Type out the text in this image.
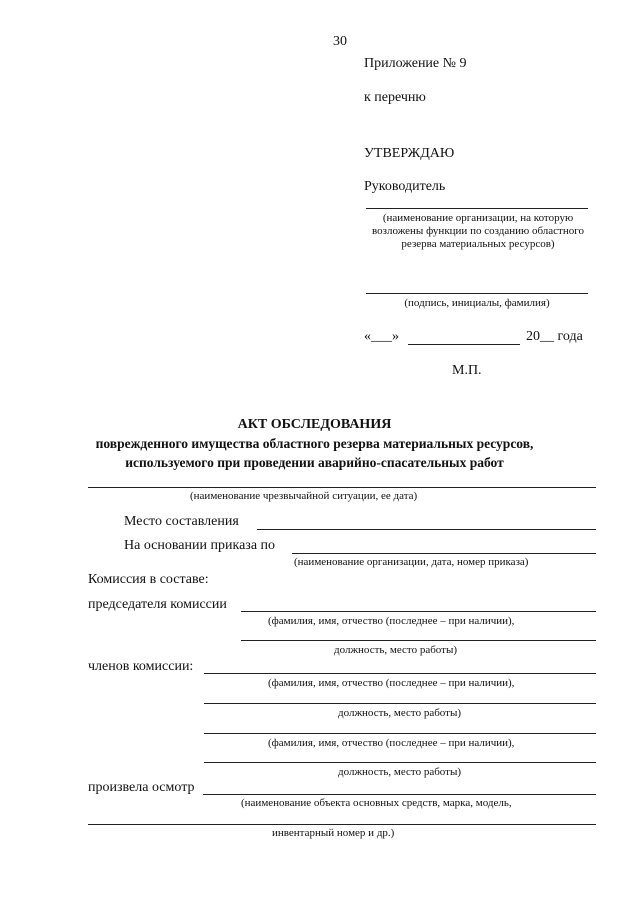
30
Приложение № 9
к перечню
УТВЕРЖДАЮ
Руководитель
(наименование организации, на которую возложены функции по созданию областного резерва материальных ресурсов)
(подпись, инициалы, фамилия)
«___»	20__ года
М.П.
АКТ ОБСЛЕДОВАНИЯ
поврежденного имущества областного резерва материальных ресурсов,
используемого при проведении аварийно-спасательных работ
(наименование чрезвычайной ситуации, ее дата)
Место составления
На основании приказа по
(наименование организации, дата, номер приказа)
Комиссия в составе:
председателя комиссии
(фамилия, имя, отчество (последнее – при наличии),
должность, место работы)
членов комиссии:
(фамилия, имя, отчество (последнее – при наличии),
должность, место работы)
(фамилия, имя, отчество (последнее – при наличии),
должность, место работы)
произвела осмотр
(наименование объекта основных средств, марка, модель,
инвентарный номер и др.)
